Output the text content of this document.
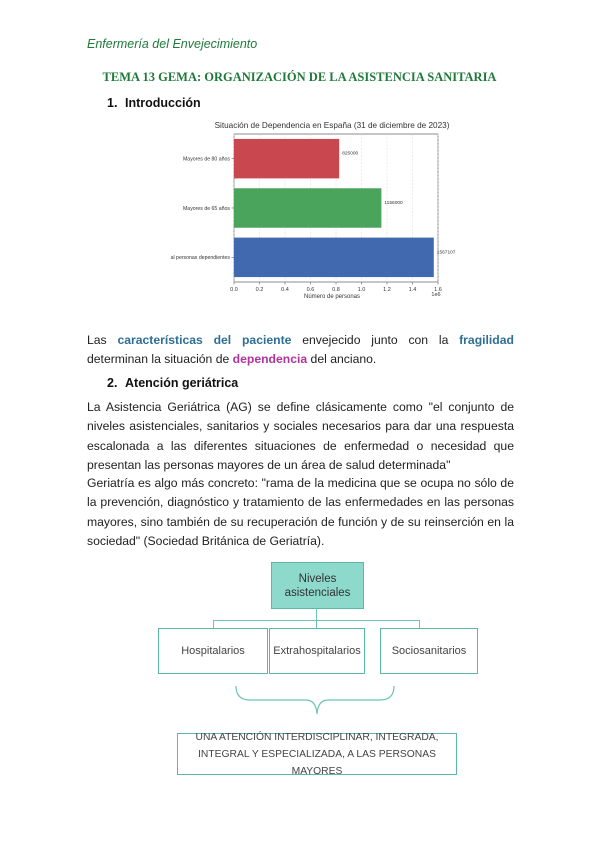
Enfermería del Envejecimiento
TEMA 13 GEMA: ORGANIZACIÓN DE LA ASISTENCIA SANITARIA
1. Introducción
Situación de Dependencia en España (31 de diciembre de 2023)
825000
1156000
1567107
0.0	0.2	0.4	0.6	0.8	1.0	1.2	1.4	1.6
Mayores de 80 años
Mayores de 65 años
al personas dependientes
Número de personas	1e6
Las características del paciente envejecido junto con la fragilidad determinan la situación de dependencia del anciano.
2. Atención geriátrica
La Asistencia Geriátrica (AG) se define clásicamente como "el conjunto de niveles asistenciales, sanitarios y sociales necesarios para dar una respuesta escalonada a las diferentes situaciones de enfermedad o necesidad que presentan las personas mayores de un área de salud determinada"
Geriatría es algo más concreto: "rama de la medicina que se ocupa no sólo de la prevención, diagnóstico y tratamiento de las enfermedades en las personas mayores, sino también de su recuperación de función y de su reinserción en la sociedad" (Sociedad Británica de Geriatría).
Niveles asistenciales
Hospitalarios	Extrahospitalarios	Sociosanitarios
UNA ATENCIÓN INTERDISCIPLINAR, INTEGRADA,
INTEGRAL Y ESPECIALIZADA, A LAS PERSONAS MAYORES
